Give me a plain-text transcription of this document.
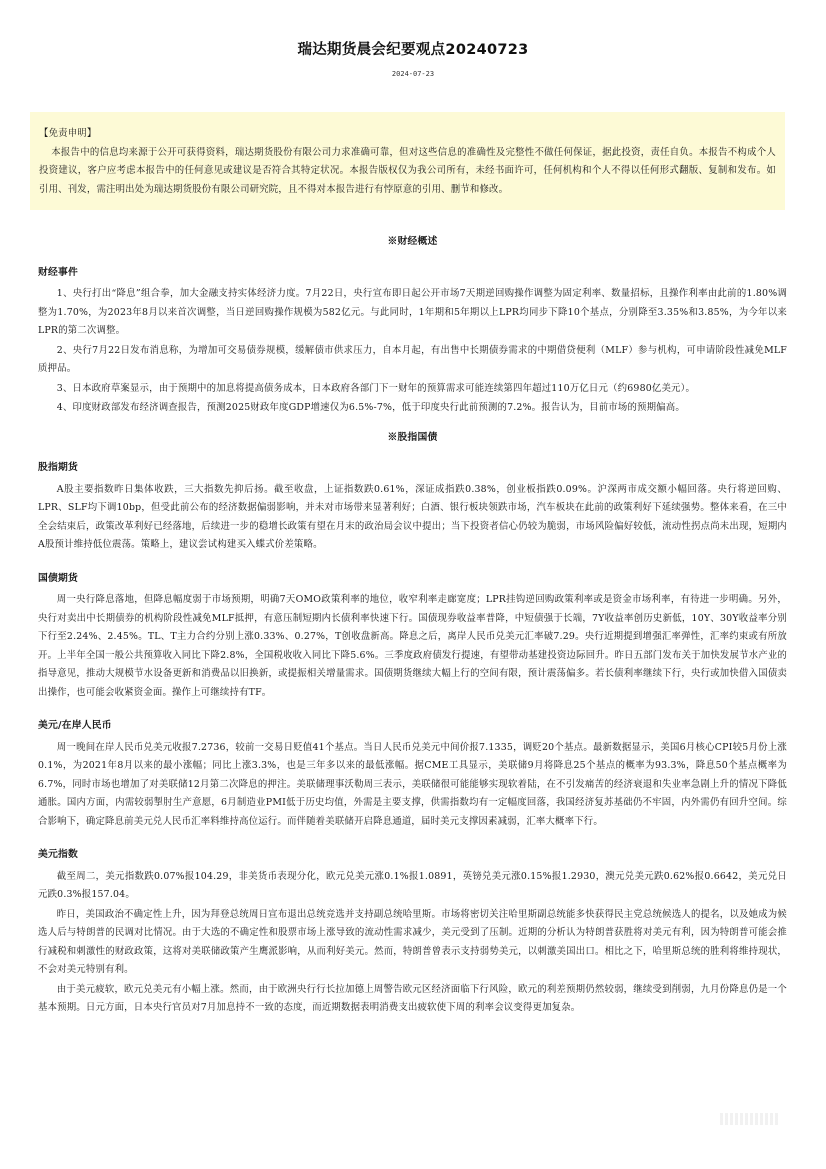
瑞达期货晨会纪要观点20240723
2024-07-23
【免责申明】
本报告中的信息均来源于公开可获得资料，瑞达期货股份有限公司力求准确可靠，但对这些信息的准确性及完整性不做任何保证，据此投资，责任自负。本报告不构成个人投资建议，客户应考虑本报告中的任何意见或建议是否符合其特定状况。本报告版权仅为我公司所有，未经书面许可，任何机构和个人不得以任何形式翻版、复制和发布。如引用、刊发，需注明出处为瑞达期货股份有限公司研究院，且不得对本报告进行有悖原意的引用、删节和修改。
※财经概述
财经事件
1、央行打出“降息”组合拳，加大金融支持实体经济力度。7月22日，央行宣布即日起公开市场7天期逆回购操作调整为固定利率、数量招标，且操作利率由此前的1.80%调整为1.70%，为2023年8月以来首次调整，当日逆回购操作规模为582亿元。与此同时，1年期和5年期以上LPR均同步下降10个基点，分别降至3.35%和3.85%，为今年以来LPR的第二次调整。
2、央行7月22日发布消息称，为增加可交易债券规模，缓解债市供求压力，自本月起，有出售中长期债券需求的中期借贷便利（MLF）参与机构，可申请阶段性减免MLF质押品。
3、日本政府草案显示，由于预期中的加息将提高债务成本，日本政府各部门下一财年的预算需求可能连续第四年超过110万亿日元（约6980亿美元）。
4、印度财政部发布经济调查报告，预测2025财政年度GDP增速仅为6.5%-7%，低于印度央行此前预测的7.2%。报告认为，目前市场的预期偏高。
※股指国债
股指期货
A股主要指数昨日集体收跌，三大指数先抑后扬。截至收盘，上证指数跌0.61%，深证成指跌0.38%，创业板指跌0.09%。沪深两市成交额小幅回落。央行将逆回购、LPR、SLF均下调10bp，但受此前公布的经济数据偏弱影响，并未对市场带来显著利好；白酒、银行板块领跌市场，汽车板块在此前的政策利好下延续强势。整体来看，在三中全会结束后，政策改革利好已经落地，后续进一步的稳增长政策有望在月末的政治局会议中提出；当下投资者信心仍较为脆弱，市场风险偏好较低，流动性拐点尚未出现，短期内A股预计维持低位震荡。策略上，建议尝试构建买入蝶式价差策略。
国债期货
周一央行降息落地，但降息幅度弱于市场预期，明确7天OMO政策利率的地位，收窄利率走廊宽度；LPR挂钩逆回购政策利率或是资金市场利率，有待进一步明确。另外，央行对卖出中长期债券的机构阶段性减免MLF抵押，有意压制短期内长债利率快速下行。国债现券收益率普降，中短债强于长端，7Y收益率创历史新低，10Y、30Y收益率分别下行至2.24%、2.45%。TL、T主力合约分别上涨0.33%、0.27%，T创收盘新高。降息之后，离岸人民币兑美元汇率破7.29。央行近期提到增强汇率弹性，汇率约束或有所放开。上半年全国一般公共预算收入同比下降2.8%，全国税收收入同比下降5.6%。三季度政府债发行提速，有望带动基建投资边际回升。昨日五部门发布关于加快发展节水产业的指导意见，推动大规模节水设备更新和消费品以旧换新，或提振相关增量需求。国债期货继续大幅上行的空间有限，预计震荡偏多。若长债利率继续下行，央行或加快借入国债卖出操作，也可能会收紧资金面。操作上可继续持有TF。
美元/在岸人民币
周一晚间在岸人民币兑美元收报7.2736，较前一交易日贬值41个基点。当日人民币兑美元中间价报7.1335，调贬20个基点。最新数据显示，美国6月核心CPI较5月份上涨0.1%，为2021年8月以来的最小涨幅；同比上涨3.3%，也是三年多以来的最低涨幅。据CME工具显示，美联储9月将降息25个基点的概率为93.3%，降息50个基点概率为6.7%，同时市场也增加了对美联储12月第二次降息的押注。美联储理事沃勒周三表示，美联储很可能能够实现软着陆，在不引发痛苦的经济衰退和失业率急剧上升的情况下降低通胀。国内方面，内需较弱掣肘生产意愿，6月制造业PMI低于历史均值，外需是主要支撑，供需指数均有一定幅度回落，我国经济复苏基础仍不牢固，内外需仍有回升空间。综合影响下，确定降息前美元兑人民币汇率料维持高位运行。而伴随着美联储开启降息通道，届时美元支撑因素减弱，汇率大概率下行。
美元指数
截至周二，美元指数跌0.07%报104.29，非美货币表现分化，欧元兑美元涨0.1%报1.0891，英镑兑美元涨0.15%报1.2930，澳元兑美元跌0.62%报0.6642，美元兑日元跌0.3%报157.04。
昨日，美国政治不确定性上升，因为拜登总统周日宣布退出总统竞选并支持副总统哈里斯。市场将密切关注哈里斯副总统能多快获得民主党总统候选人的提名，以及她成为候选人后与特朗普的民调对比情况。由于大选的不确定性和股票市场上涨导致的流动性需求减少，美元受到了压制。近期的分析认为特朗普获胜将对美元有利，因为特朗普可能会推行减税和刺激性的财政政策，这将对美联储政策产生鹰派影响，从而利好美元。然而，特朗普曾表示支持弱势美元，以刺激美国出口。相比之下，哈里斯总统的胜利将维持现状，不会对美元特别有利。
由于美元疲软，欧元兑美元有小幅上涨。然而，由于欧洲央行行长拉加德上周警告欧元区经济面临下行风险，欧元的利差预期仍然较弱，继续受到削弱，九月份降息仍是一个基本预期。日元方面，日本央行官员对7月加息持不一致的态度，而近期数据表明消费支出疲软使下周的利率会议变得更加复杂。
